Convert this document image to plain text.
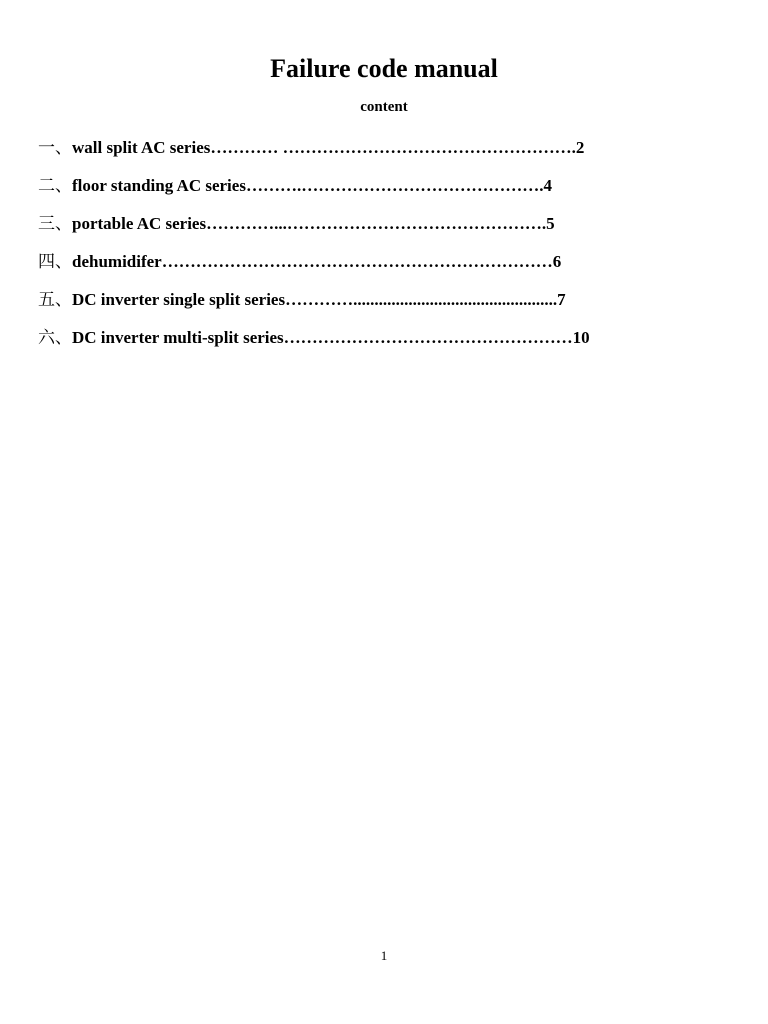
Failure code manual
content
一、wall split AC series………… …………………………………………….2
二、floor standing AC series……….…………………………………….4
三、portable AC series…………...……………………………………….5
四、dehumidifer……………………………………………………………6
五、DC inverter single split series…………................................................7
六、DC inverter multi-split series……………………………………………10
1
